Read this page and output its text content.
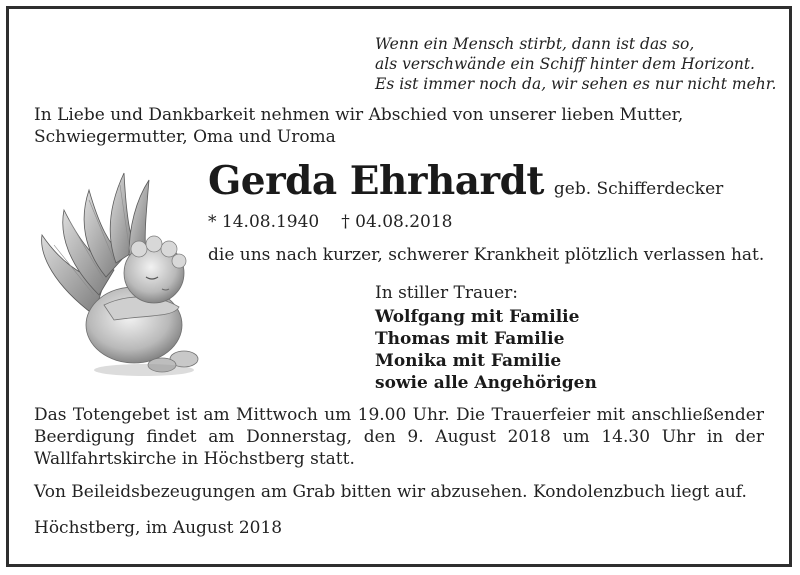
Wenn ein Mensch stirbt, dann ist das so,
als verschwände ein Schiff hinter dem Horizont.
Es ist immer noch da, wir sehen es nur nicht mehr.
In Liebe und Dankbarkeit nehmen wir Abschied von unserer lieben Mutter,
Schwiegermutter, Oma und Uroma
Gerda Ehrhardt geb. Schifferdecker
* 14.08.1940 † 04.08.2018
die uns nach kurzer, schwerer Krankheit plötzlich verlassen hat.
In stiller Trauer:
Wolfgang mit Familie
Thomas mit Familie
Monika mit Familie
sowie alle Angehörigen
Das Totengebet ist am Mittwoch um 19.00 Uhr. Die Trauerfeier mit anschließender Beerdigung findet am Donnerstag, den 9. August 2018 um 14.30 Uhr in der Wallfahrtskirche in Höchstberg statt.
Von Beileidsbezeugungen am Grab bitten wir abzusehen. Kondolenzbuch liegt auf.
Höchstberg, im August 2018
